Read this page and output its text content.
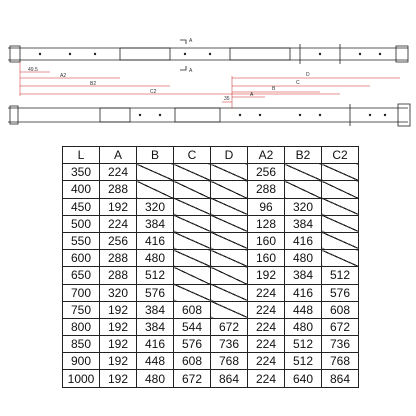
A
A
49.5
A2
B2
C2
D
C
B
A
35
L	A	B	C	D	A2	B2	C2
350	224				256		
400	288				288		
450	192	320			96	320	
500	224	384			128	384	
550	256	416			160	416	
600	288	480			160	480	
650	288	512			192	384	512
700	320	576			224	416	576
750	192	384	608		224	448	608
800	192	384	544	672	224	480	672
850	192	416	576	736	224	512	736
900	192	448	608	768	224	512	768
1000	192	480	672	864	224	640	864
